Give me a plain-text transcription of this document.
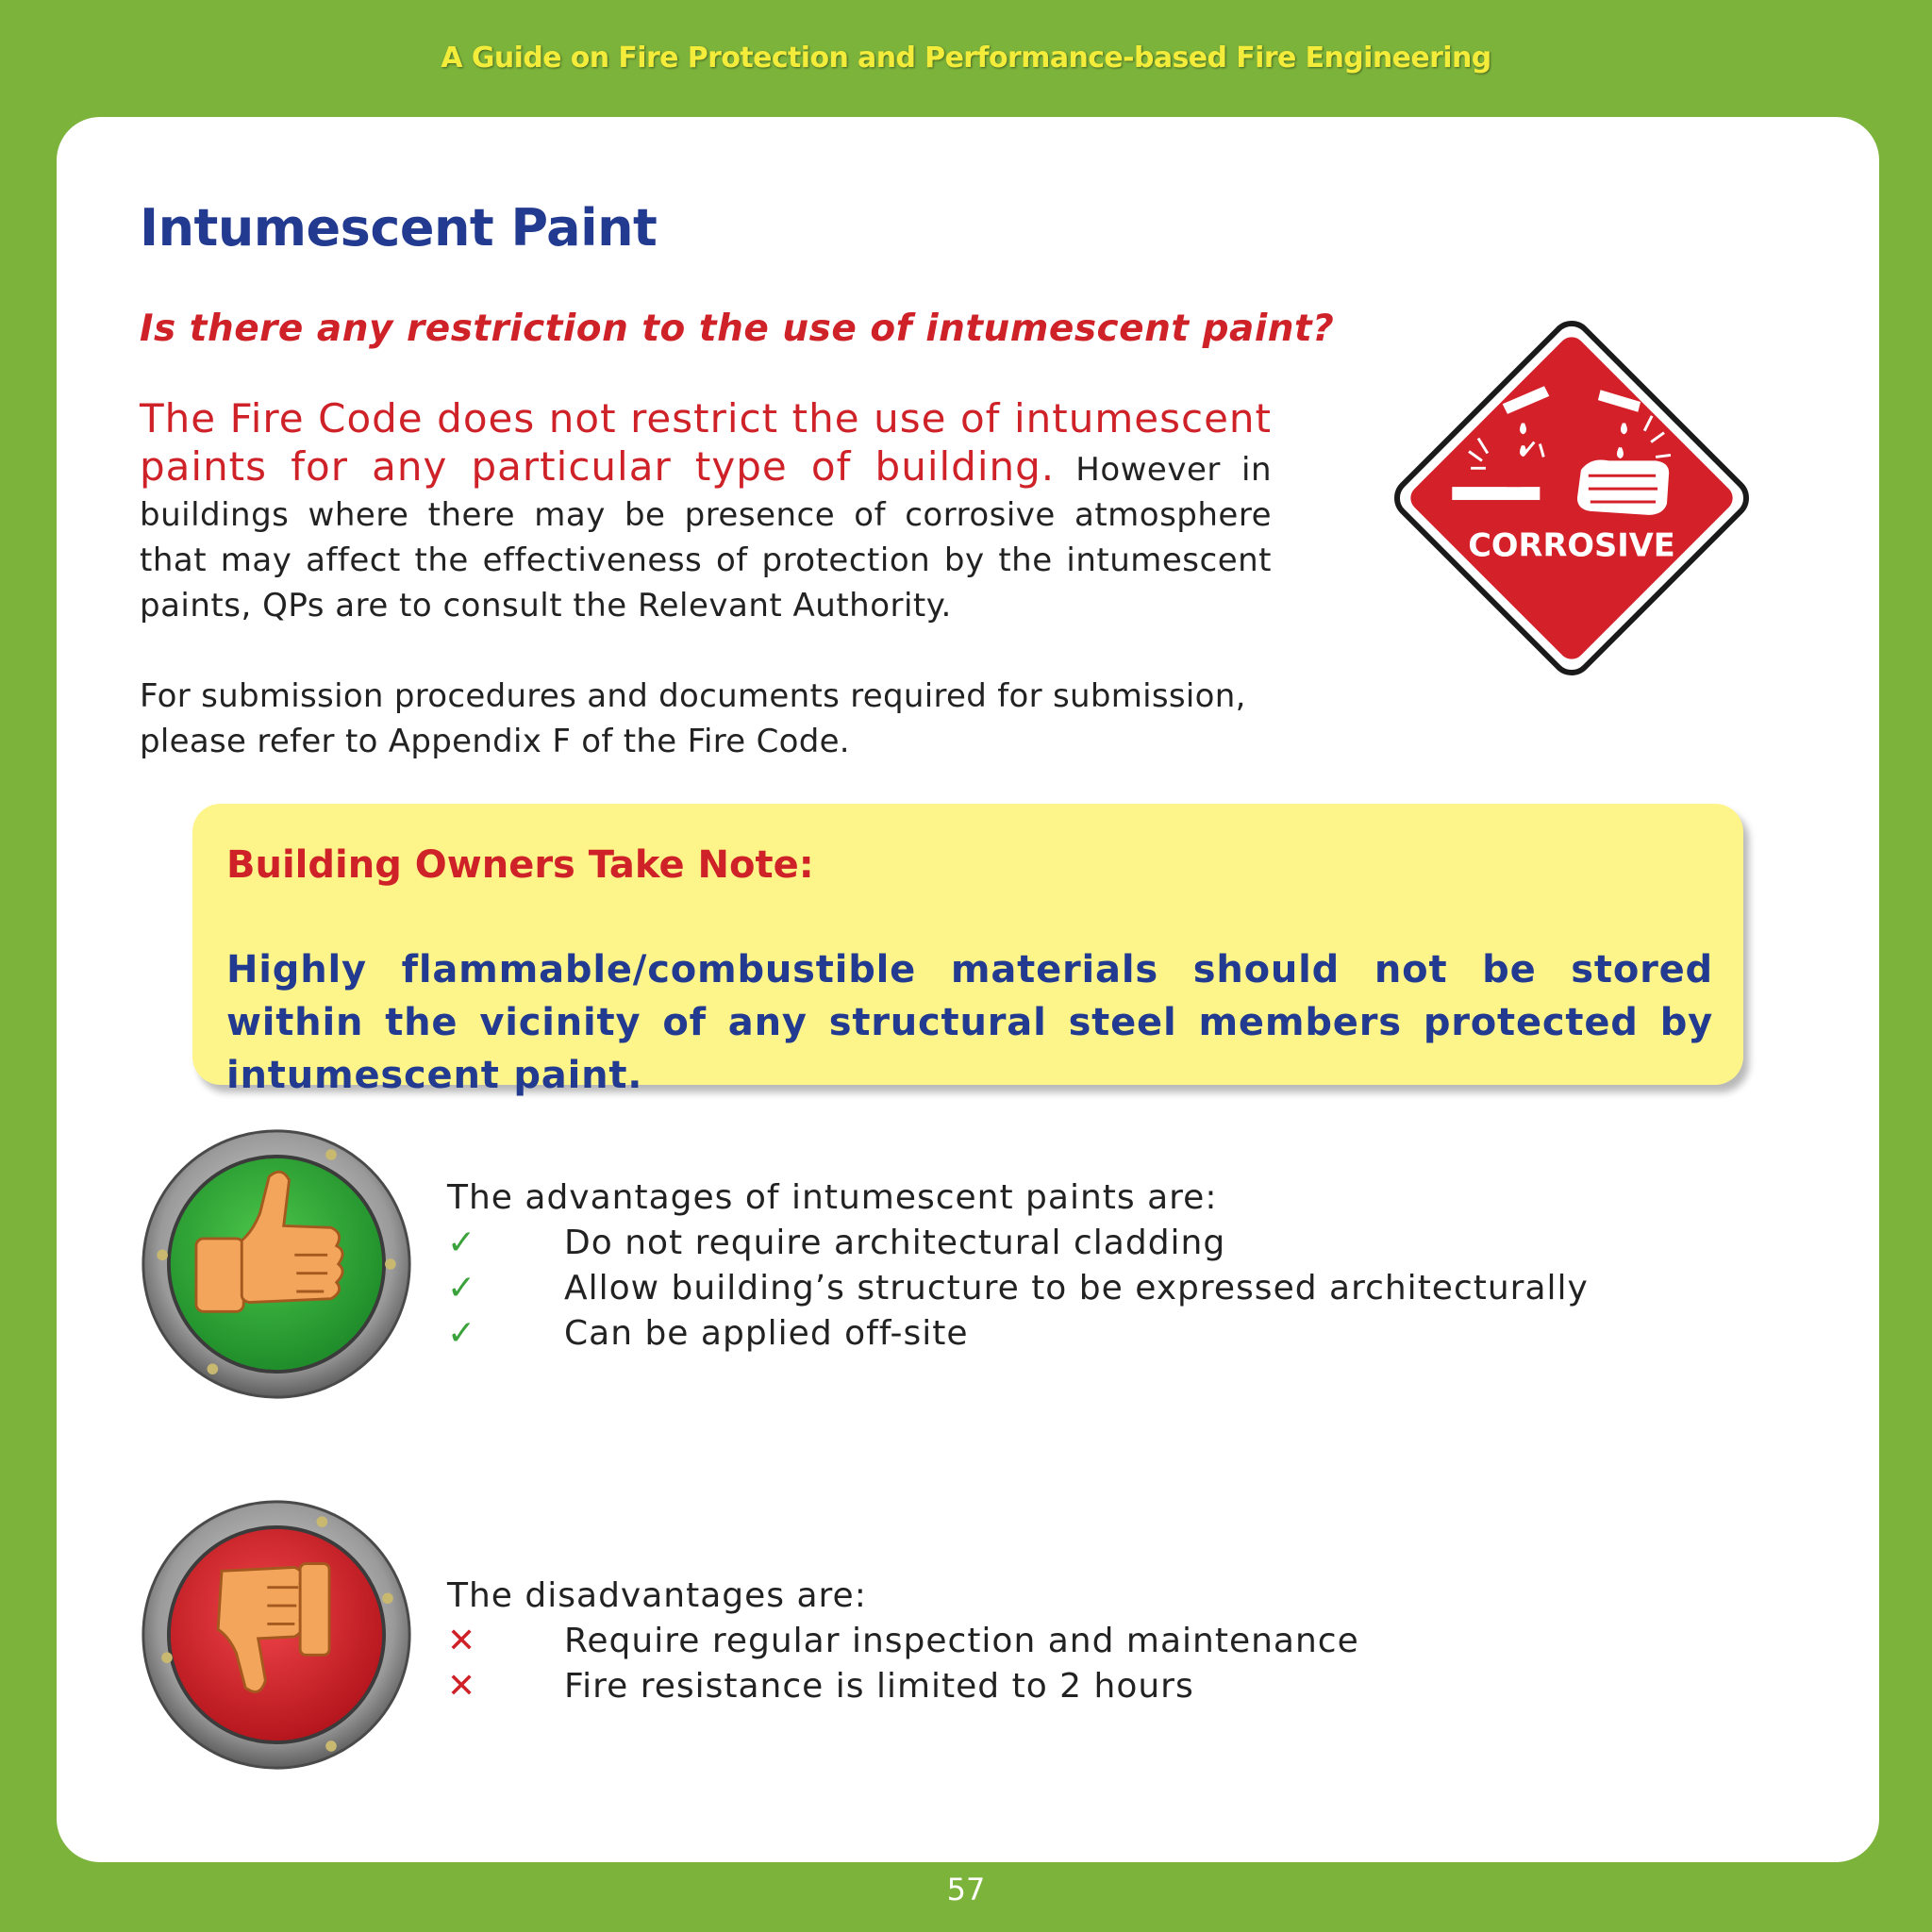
A Guide on Fire Protection and Performance-based Fire Engineering
Intumescent Paint
Is there any restriction to the use of intumescent paint?
The Fire Code does not restrict the use of intumescent paints for any particular type of building. However in buildings where there may be presence of corrosive atmosphere that may affect the effectiveness of protection by the intumescent paints, QPs are to consult the Relevant Authority.
For submission procedures and documents required for submission, please refer to Appendix F of the Fire Code.
CORROSIVE
Building Owners Take Note:
Highly flammable/combustible materials should not be stored within the vicinity of any structural steel members protected by intumescent paint.
The advantages of intumescent paints are:
✓	Do not require architectural cladding
✓	Allow building’s structure to be expressed architecturally
✓	Can be applied off-site
The disadvantages are:
✕	Require regular inspection and maintenance
✕	Fire resistance is limited to 2 hours
57
